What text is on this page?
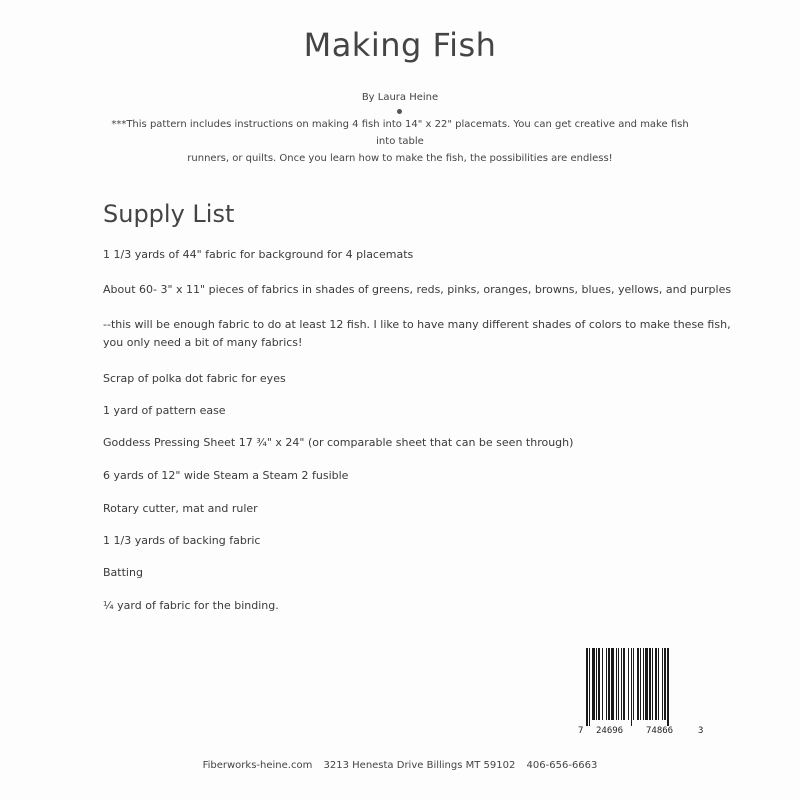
Making Fish
By Laura Heine

***This pattern includes instructions on making 4 fish into 14" x 22" placemats. You can get creative and make fish into table
runners, or quilts. Once you learn how to make the fish, the possibilities are endless!

Supply List
1 1/3 yards of 44" fabric for background for 4 placemats
About 60- 3" x 11" pieces of fabrics in shades of greens, reds, pinks, oranges, browns, blues, yellows, and purples
--this will be enough fabric to do at least 12 fish. I like to have many different shades of colors to make these fish,
you only need a bit of many fabrics!
Scrap of polka dot fabric for eyes
1 yard of pattern ease
Goddess Pressing Sheet 17 ¾" x 24" (or comparable sheet that can be seen through)
6 yards of 12" wide Steam a Steam 2 fusible
Rotary cutter, mat and ruler
1 1/3 yards of backing fabric
Batting
¼ yard of fabric for the binding.
7 24696	74866	3
Fiberworks-heine.com 3213 Henesta Drive Billings MT 59102 406-656-6663
